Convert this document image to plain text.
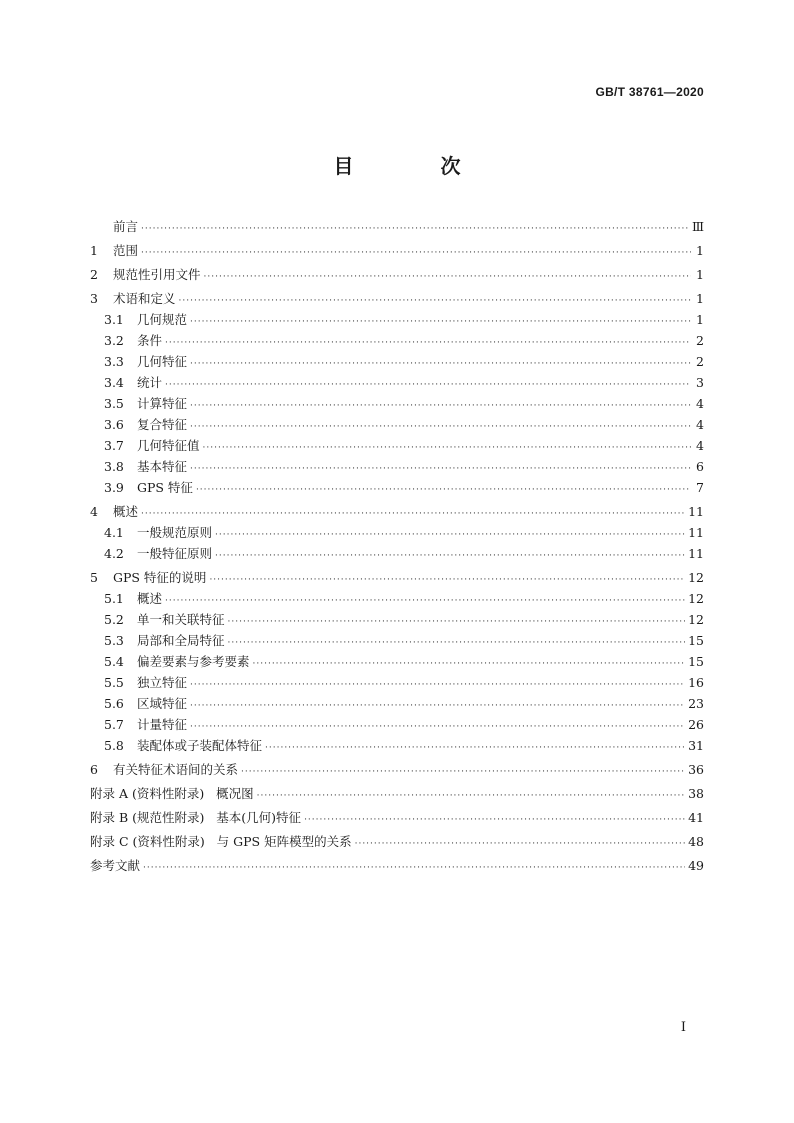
GB/T 38761—2020
目 次
前言 ·····	Ⅲ
1	范围 ·····	1
2	规范性引用文件 ·····	1
3	术语和定义 ·····	1
3.1	几何规范 ·····	1
3.2	条件 ·····	2
3.3	几何特征 ·····	2
3.4	统计 ·····	3
3.5	计算特征 ·····	4
3.6	复合特征 ·····	4
3.7	几何特征值 ·····	4
3.8	基本特征 ·····	6
3.9	GPS 特征 ·····	7
4	概述 ·····	11
4.1	一般规范原则 ·····	11
4.2	一般特征原则 ·····	11
5	GPS 特征的说明 ·····	12
5.1	概述 ·····	12
5.2	单一和关联特征 ·····	12
5.3	局部和全局特征 ·····	15
5.4	偏差要素与参考要素 ·····	15
5.5	独立特征 ·····	16
5.6	区域特征 ·····	23
5.7	计量特征 ·····	26
5.8	装配体或子装配体特征 ·····	31
6	有关特征术语间的关系 ·····	36
附录 A (资料性附录)   概况图 ·····	38
附录 B (规范性附录)   基本(几何)特征 ·····	41
附录 C (资料性附录)   与 GPS 矩阵模型的关系 ·····	48
参考文献 ·····	49
I
